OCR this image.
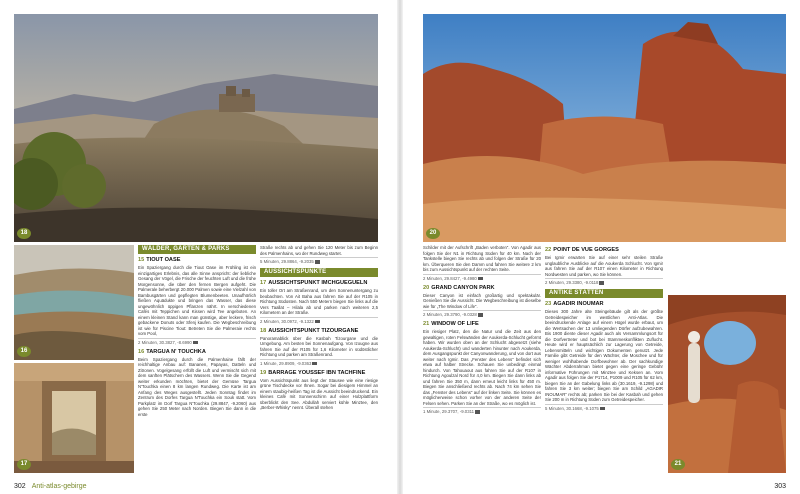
18
16
17
WÄLDER, GÄRTEN & PARKS
15 TIOUT OASE

Ein Spaziergang durch die Tiout Oase im Frühling ist ein einzigartiges Erlebnis, das alle Sinne anspricht: der liebliche Gesang der Vögel, die Frische der feuchten Luft und die frühe Morgensonne, die über den fernen Bergen aufgeht. Die Palmerale beherbergt 20.000 Palmen sowie eine Vielzahl von Bambusgärten und gepflegten Blumenbeeten. Unaufhörlich fließen Aquädukte und bringen das Wasser, das diese ungewöhnlich üppigen Pflanzen nährt. In verschiedenen Cafés mit Teppichen und Kissen wird Tee angeboten. An einem kleinen Stand kann man günstige, aber leckere, frisch gebackene Donuts oder Sfenj kaufen. Die Wegbeschreibung ist wie für Piscine Tiout: Betreten Sie die Palmeraie rechts vom Pool,

2 Minuten, 30.3827, -8.6990
16 TARGUA N' TOUCHKA

Beim Spaziergang durch die Palmenhaine fällt der reichhaltige Anbau auf: Bananen, Papayas, Datteln und Zitronen. Vogelgesang erfüllt die Luft und vermischt sich mit dem sanften Plätschern des Wassers. Wenn Sie die Gegend weiter erkunden möchten, bietet der Gemüse Targua N'Touchka einen 8 km langen Rundweg. Die Karte ist am Anfang des Weges ausgestellt. Jeden Sonntag findet im Zentrum des Dorfes Targua N'Touchka ein Souk statt. Vom Parkplatz im Dorf Targua N'Touchka (29.8847, -9.2060) aus gehen Sie 250 Meter nach Norden. Biegen Sie dann in die erste

Straße rechts ab und gehen Sie 120 Meter bis zum Beginn des Palmenhains, wo der Rundweg startet.

5 Minuten, 29.8864, -9.2035
AUSSICHTSPUNKTE
17 AUSSICHTSPUNKT IMCHGUEGUELN

Ein toller Ort am Straßenrand, um den Sonnenuntergang zu beobachten. Von Ait Baha aus fahren Sie auf der R105 in Richtung Südosten. Nach 550 Metern biegen Sie links auf die Vers Taallat – Hilala ab und parken nach weiteren 2,5 Kilometern an der Straße.

2 Minuten, 30.0972, -9.1322
18 AUSSICHTSPUNKT TIZOURGANE

Panoramablick über die Kasbah Tizourgane und die Umgebung. Am besten bei Sonnenaufgang. Von Izougne aus fahren Sie auf der R105 für 1,6 Kilometer in südöstlicher Richtung und parken am Straßenrand.

1 Minute, 29.8909, -9.0363
19 BARRAGE YOUSSEF IBN TACHFINE

Vom Aussichtspunkt aus liegt der Stausee wie eine riesige grüne Tischdecke vor Ihnen. Sogar bei diesigem Himmel an einem staubig-heißen Tag ist die Aussicht beeindruckend. Ein kleines Café mit Sonnenschirm auf einer Holzplattform überblickt den See. Abdullah serviert kühle Minztee, den „Berber-Whisky“ nennt. Überall stehen

302 Anti-atlas-gebirge
20
21

Schilder mit der Aufschrift „Baden verboten“. Von Agadir aus folgen Sie der N1 in Richtung Süden für 40 km. Nach der Tankstelle biegen Sie rechts ab und folgen der Straße für 20 km. Überqueren Sie den Damm und fahren Sie weitere 2 km bis zum Aussichtspunkt auf der rechten Seite.

2 Minuten, 29.8427, -9.4980
20 GRAND CANYON PARK

Dieser Canyon ist einfach großartig und spektakulär. Genießen Sie die Aussicht. Die Wegbeschreibung ist dieselbe wie für „The Window of Life“.

2 Minuten, 29.3790, -9.0328
21 WINDOW OF LIFE

Ein riesiger Platz, den die Natur und die Zeit aus den gewaltigen, roten Felswänden der Aoukerda-Schlucht geformt haben. Wir wurden oben an der Schlucht abgesetzt (siehe Aoukerda-Schlucht) und wanderten hinunter nach Aoukerda, dem Ausgangspunkt der Canyonwanderung, und von dort aus weiter nach Igmir. Das „Fenster des Lebens“ befindet sich etwa auf halber Strecke. Schauen Sie unbedingt einmal hindurch. Von Tahouaout aus fahren Sie auf der R107 in Richtung Agoulzal Nord für 4,0 km. Biegen Sie dann links ab und fahren Sie 350 m, dann erneut leicht links für 450 m. Biegen Sie anschließend rechts ab. Nach 74 km sehen Sie das „Fenster des Lebens“ auf der linken Seite. Sie können es möglicherweise schon vorher von der anderen Seite der Felsen sehen. Parken Sie an der Straße, wo es möglich ist.

1 Minute, 29.3707, -9.0311
22 POINT DE VUE GORGES

Bei Igmir erwarten Sie auf einer sehr steilen Straße unglaubliche Ausblicke auf die Aoukerda Schlucht. Von Igmir aus fahren Sie auf der R107 einen Kilometer in Richtung Nordwesten und parken, wo Sie können.

2 Minuten, 29.3380, -9.0118
ANTIKE STÄTTEN
23 AGADIR INOUMAR

Dieses 300 Jahre alte Steingebäude gilt als der größte Getreidespeicher im westlichen Anti-Atlas. Die beeindruckende Anlage auf einem Hügel wurde erbaut, um die Wertsachen der 13 umliegenden Dörfer aufzubewahren. Bis 1900 diente dieser Agadir auch als Versammlungsort für die Dorfvertreter und bot bei Stammeskonflikten Zuflucht. Heute wird er hauptsächlich zur Lagerung von Getreide, Lebensmitteln und wichtigen Dokumenten genutzt. Jede Familie gibt Getreide für den Wächter, die Moschee und für weniger wohlhabende Dorfbewohner ab. Der sachkundige Wächter Abderrahman bietet gegen eine geringe Gebühr informative Führungen mit Minztee und Keksen an. Vom Agadir aus folgen Sie der P1714, P1009 und R105 für 62 km, biegen Sie an der Gabelung links ab (30.1619, -9.1298) und fahren Sie 3 km weiter; biegen Sie am Schild „AGADIR INOUMAR“ rechts ab; parken Sie bei der Kasbah und gehen Sie 200 m in Richtung Süden zum Getreidespeicher.

5 Minuten, 30.1668, -9.1075
303
